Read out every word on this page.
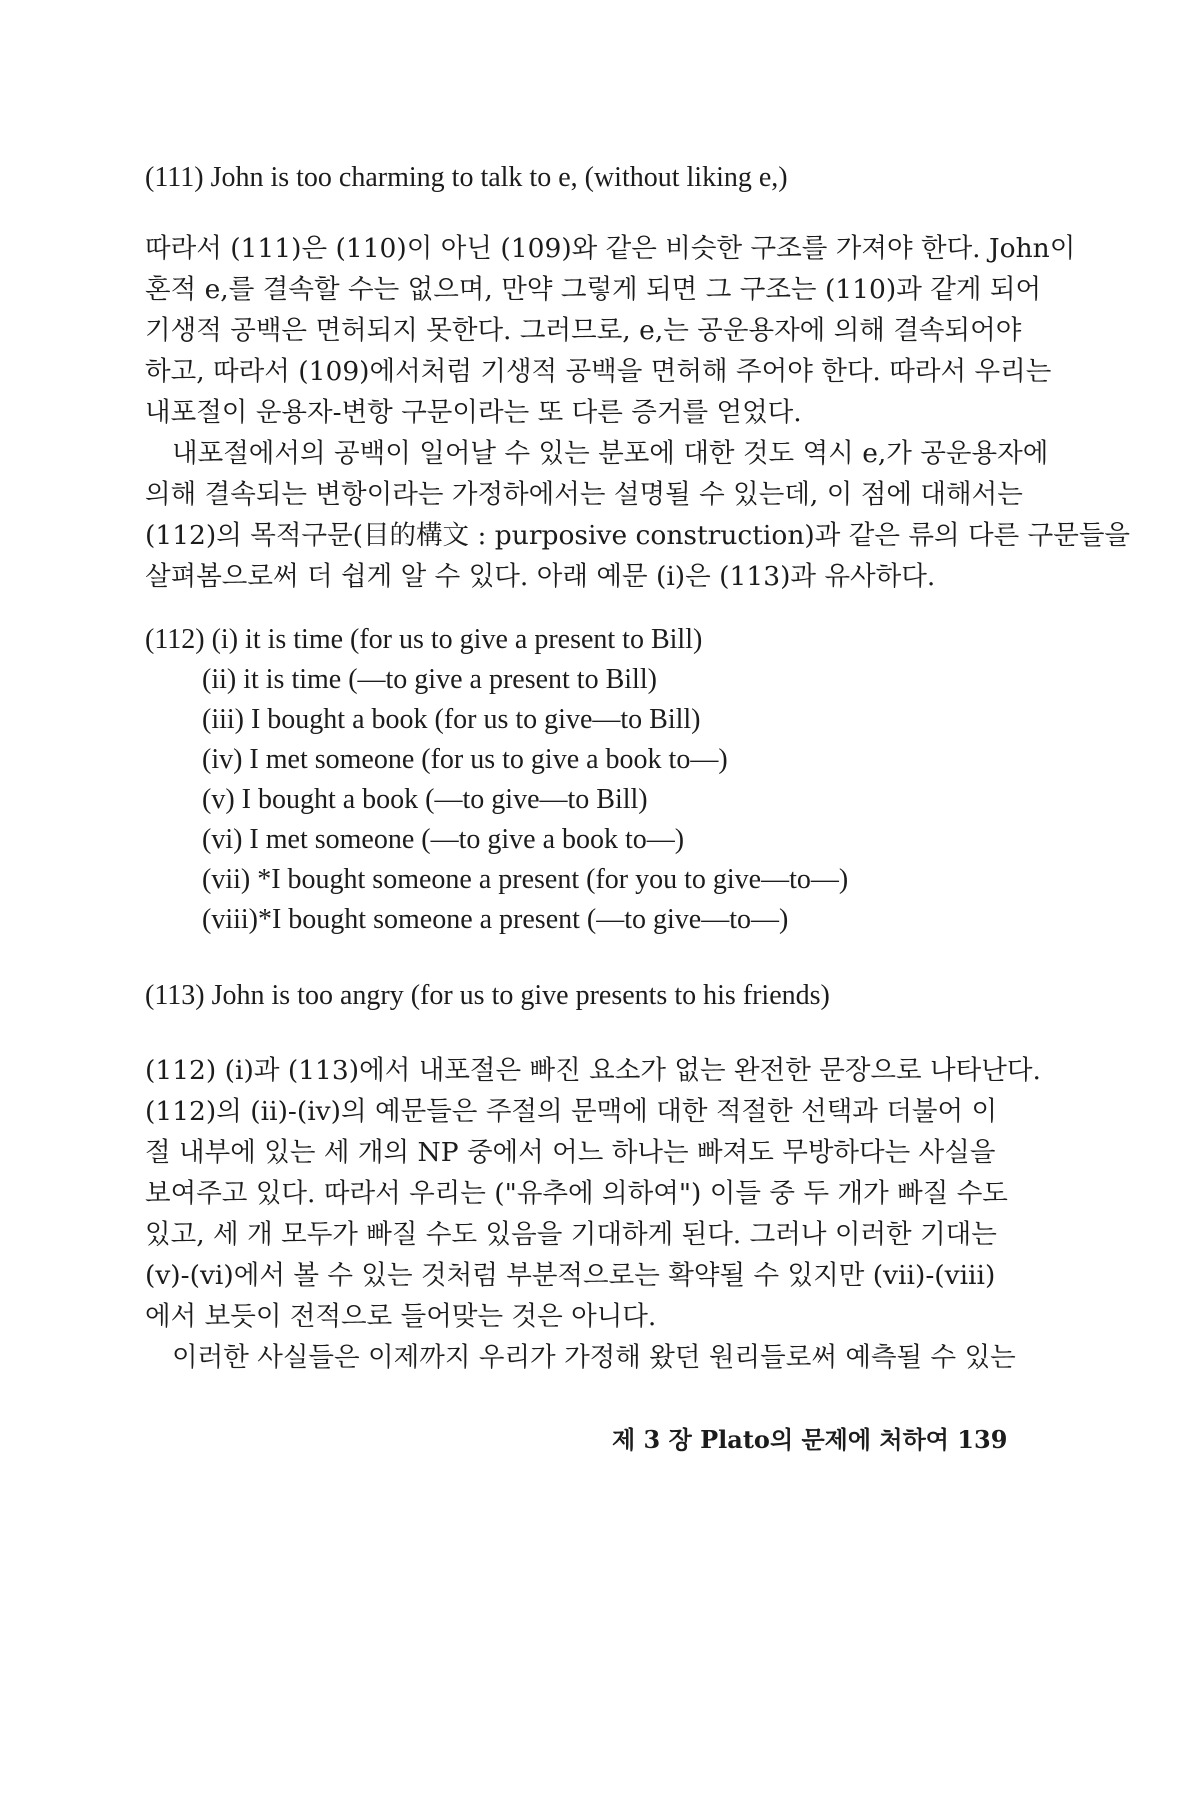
(111) John is too charming to talk to e, (without liking e,)
따라서 (111)은 (110)이 아닌 (109)와 같은 비슷한 구조를 가져야 한다. John이
혼적 e,를 결속할 수는 없으며, 만약 그렇게 되면 그 구조는 (110)과 같게 되어
기생적 공백은 면허되지 못한다. 그러므로, e,는 공운용자에 의해 결속되어야
하고, 따라서 (109)에서처럼 기생적 공백을 면허해 주어야 한다. 따라서 우리는
내포절이 운용자-변항 구문이라는 또 다른 증거를 얻었다.
내포절에서의 공백이 일어날 수 있는 분포에 대한 것도 역시 e,가 공운용자에
의해 결속되는 변항이라는 가정하에서는 설명될 수 있는데, 이 점에 대해서는
(112)의 목적구문(目的構文 : purposive construction)과 같은 류의 다른 구문들을
살펴봄으로써 더 쉽게 알 수 있다. 아래 예문 (i)은 (113)과 유사하다.
(112) (i) it is time (for us to give a present to Bill)
(ii) it is time (—to give a present to Bill)
(iii) I bought a book (for us to give—to Bill)
(iv) I met someone (for us to give a book to—)
(v) I bought a book (—to give—to Bill)
(vi) I met someone (—to give a book to—)
(vii) *I bought someone a present (for you to give—to—)
(viii)*I bought someone a present (—to give—to—)
(113) John is too angry (for us to give presents to his friends)
(112) (i)과 (113)에서 내포절은 빠진 요소가 없는 완전한 문장으로 나타난다.
(112)의 (ii)-(iv)의 예문들은 주절의 문맥에 대한 적절한 선택과 더불어 이
절 내부에 있는 세 개의 NP 중에서 어느 하나는 빠져도 무방하다는 사실을
보여주고 있다. 따라서 우리는 ("유추에 의하여") 이들 중 두 개가 빠질 수도
있고, 세 개 모두가 빠질 수도 있음을 기대하게 된다. 그러나 이러한 기대는
(v)-(vi)에서 볼 수 있는 것처럼 부분적으로는 확약될 수 있지만 (vii)-(viii)
에서 보듯이 전적으로 들어맞는 것은 아니다.
이러한 사실들은 이제까지 우리가 가정해 왔던 원리들로써 예측될 수 있는
제 3 장 Plato의 문제에 처하여 139
